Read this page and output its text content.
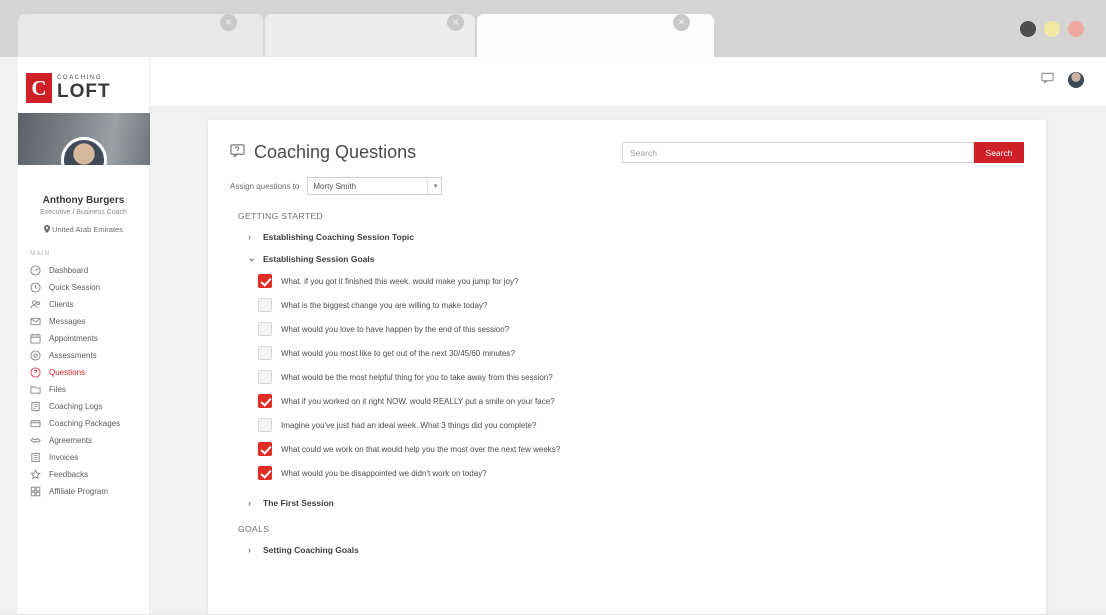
×	×	×
C	COACHING
LOFT
Anthony Burgers
Executive / Business Coach
United Arab Emirates
MAIN
Dashboard
Quick Session
Clients
Messages
Appointments
Assessments
Questions
Files
Coaching Logs
Coaching Packages
Agreements
Invoices
Feedbacks
Affiliate Program
Coaching Questions
Search	Search
Assign questions to Morty Smith	▾
GETTING STARTED
›	Establishing Coaching Session Topic
⌄ Establishing Session Goals
What. if you got it finished this week. would make you jump for joy?
What is the biggest change you are willing to make today?
What would you love to have happen by the end of this session?
What would you most like to get out of the next 30/45/60 minutes?
What would be the most helpful thing for you to take away from this session?
What if you worked on it right NOW. would REALLY put a smile on your face?
Imagine you've just had an ideal week. What 3 things did you complete?
What could we work on that would help you the most over the next few weeks?
What would you be disappointed we didn't work on today?
›	The First Session
GOALS
›	Setting Coaching Goals
